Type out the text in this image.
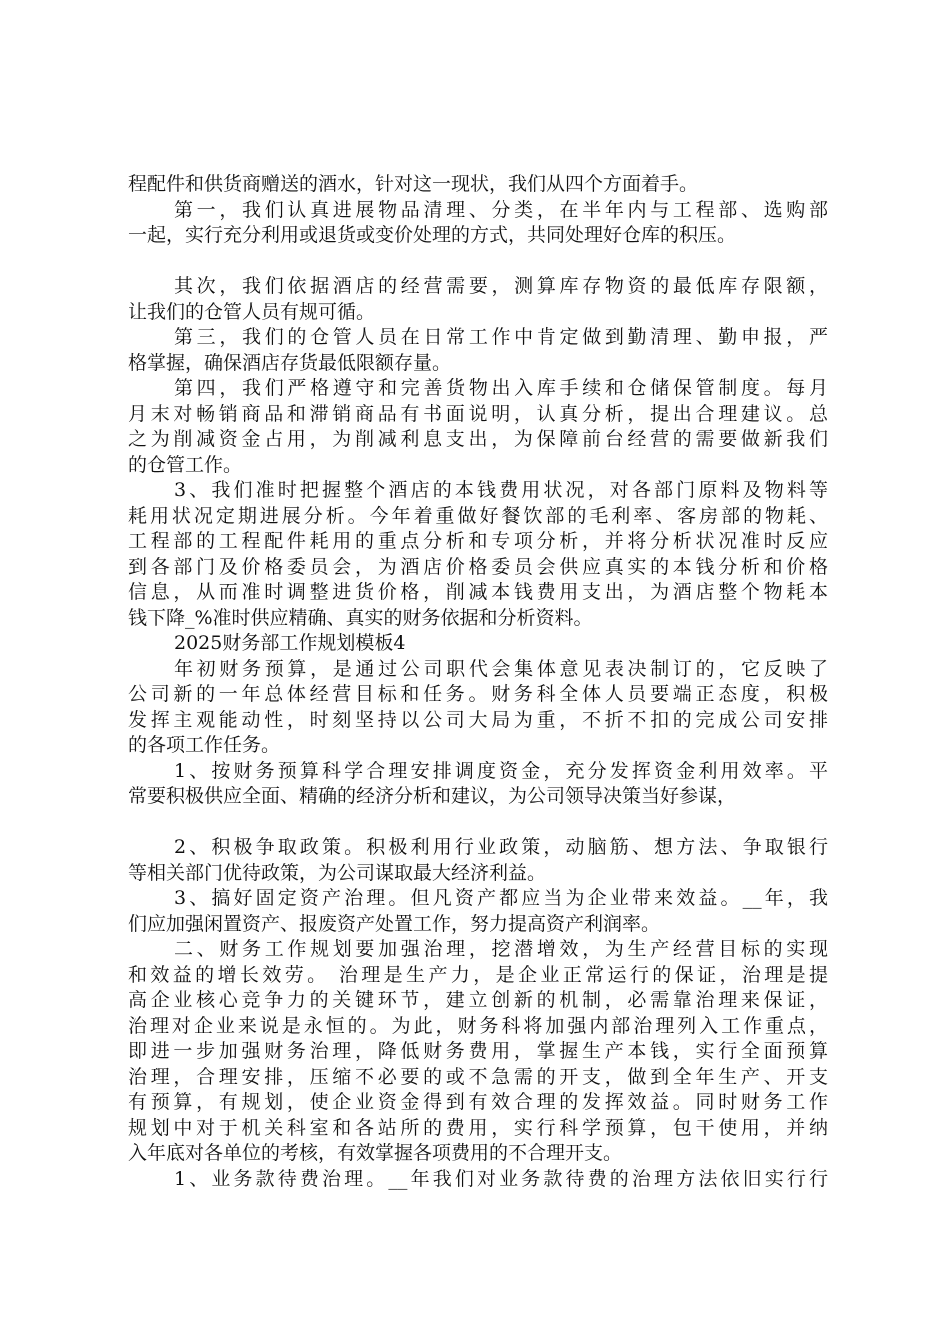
程配件和供货商赠送的酒水，针对这一现状，我们从四个方面着手。
第一，我们认真进展物品清理、分类，在半年内与工程部、选购部
一起，实行充分利用或退货或变价处理的方式，共同处理好仓库的积压。
其次，我们依据酒店的经营需要，测算库存物资的最低库存限额，
让我们的仓管人员有规可循。
第三，我们的仓管人员在日常工作中肯定做到勤清理、勤申报，严
格掌握，确保酒店存货最低限额存量。
第四，我们严格遵守和完善货物出入库手续和仓储保管制度。每月
月末对畅销商品和滞销商品有书面说明，认真分析，提出合理建议。总
之为削减资金占用，为削减利息支出，为保障前台经营的需要做新我们
的仓管工作。
3、我们准时把握整个酒店的本钱费用状况，对各部门原料及物料等
耗用状况定期进展分析。今年着重做好餐饮部的毛利率、客房部的物耗、
工程部的工程配件耗用的重点分析和专项分析，并将分析状况准时反应
到各部门及价格委员会，为酒店价格委员会供应真实的本钱分析和价格
信息，从而准时调整进货价格，削减本钱费用支出，为酒店整个物耗本
钱下降_%准时供应精确、真实的财务依据和分析资料。
2025财务部工作规划模板4
年初财务预算，是通过公司职代会集体意见表决制订的，它反映了
公司新的一年总体经营目标和任务。财务科全体人员要端正态度，积极
发挥主观能动性，时刻坚持以公司大局为重，不折不扣的完成公司安排
的各项工作任务。
1、按财务预算科学合理安排调度资金，充分发挥资金利用效率。平
常要积极供应全面、精确的经济分析和建议，为公司领导决策当好参谋，
2、积极争取政策。积极利用行业政策，动脑筋、想方法、争取银行
等相关部门优待政策，为公司谋取最大经济利益。
3、搞好固定资产治理。但凡资产都应当为企业带来效益。__年，我
们应加强闲置资产、报废资产处置工作，努力提高资产利润率。
二、财务工作规划要加强治理，挖潜增效，为生产经营目标的实现
和效益的增长效劳。 治理是生产力，是企业正常运行的保证，治理是提
高企业核心竞争力的关键环节，建立创新的机制，必需靠治理来保证，
治理对企业来说是永恒的。为此，财务科将加强内部治理列入工作重点，
即进一步加强财务治理，降低财务费用，掌握生产本钱，实行全面预算
治理，合理安排，压缩不必要的或不急需的开支，做到全年生产、开支
有预算，有规划，使企业资金得到有效合理的发挥效益。同时财务工作
规划中对于机关科室和各站所的费用，实行科学预算，包干使用，并纳
入年底对各单位的考核，有效掌握各项费用的不合理开支。
1、业务款待费治理。__年我们对业务款待费的治理方法依旧实行行
